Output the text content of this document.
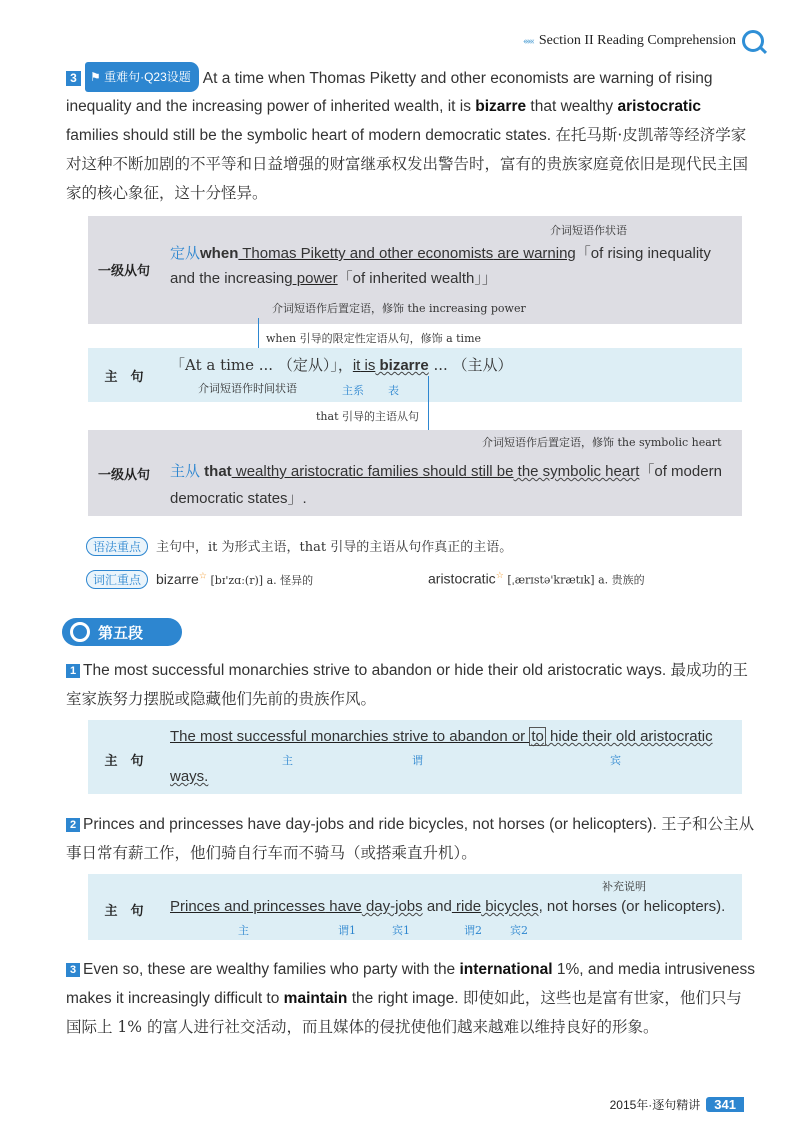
‹‹‹‹‹‹ Section II Reading Comprehension
3 ⚑ 重难句·Q23设题 At a time when Thomas Piketty and other economists are warning of rising inequality and the increasing power of inherited wealth, it is bizarre that wealthy aristocratic families should still be the symbolic heart of modern democratic states. 在托马斯·皮凯蒂等经济学家对这种不断加剧的不平等和日益增强的财富继承权发出警告时，富有的贵族家庭竟依旧是现代民主国家的核心象征，这十分怪异。
一级从句
介词短语作状语
定从when Thomas Piketty and other economists are warning「of rising inequality
and the increasing power「of inherited wealth」」
介词短语作后置定语，修饰 the increasing power
when 引导的限定性定语从句，修饰 a time
主　句
「At a time ... （定从）」，it is bizarre ... （主从）
介词短语作时间状语	主系 表
that 引导的主语从句
一级从句
介词短语作后置定语，修饰 the symbolic heart
主从 that wealthy aristocratic families should still be the symbolic heart「of modern
democratic states」.
语法重点 主句中，it 为形式主语，that 引导的主语从句作真正的主语。
词汇重点 bizarre☆ [bɪ'zɑː(r)] a. 怪异的	aristocratic☆ [ˌærɪstə'krætɪk] a. 贵族的
第五段
1 The most successful monarchies strive to abandon or hide their old aristocratic ways. 最成功的王室家族努力摆脱或隐藏他们先前的贵族作风。
主　句
The most successful monarchies strive to abandon or to hide their old aristocratic
ways.
主	谓	宾
2 Princes and princesses have day-jobs and ride bicycles, not horses (or helicopters). 王子和公主从事日常有薪工作，他们骑自行车而不骑马（或搭乘直升机）。
主　句
补充说明
Princes and princesses have day-jobs and ride bicycles, not horses (or helicopters).
主	谓1	宾1	谓2	宾2
3 Even so, these are wealthy families who party with the international 1%, and media intrusiveness makes it increasingly difficult to maintain the right image. 即使如此，这些也是富有世家，他们只与国际上 1% 的富人进行社交活动，而且媒体的侵扰使他们越来越难以维持良好的形象。
2015年·逐句精讲	341
